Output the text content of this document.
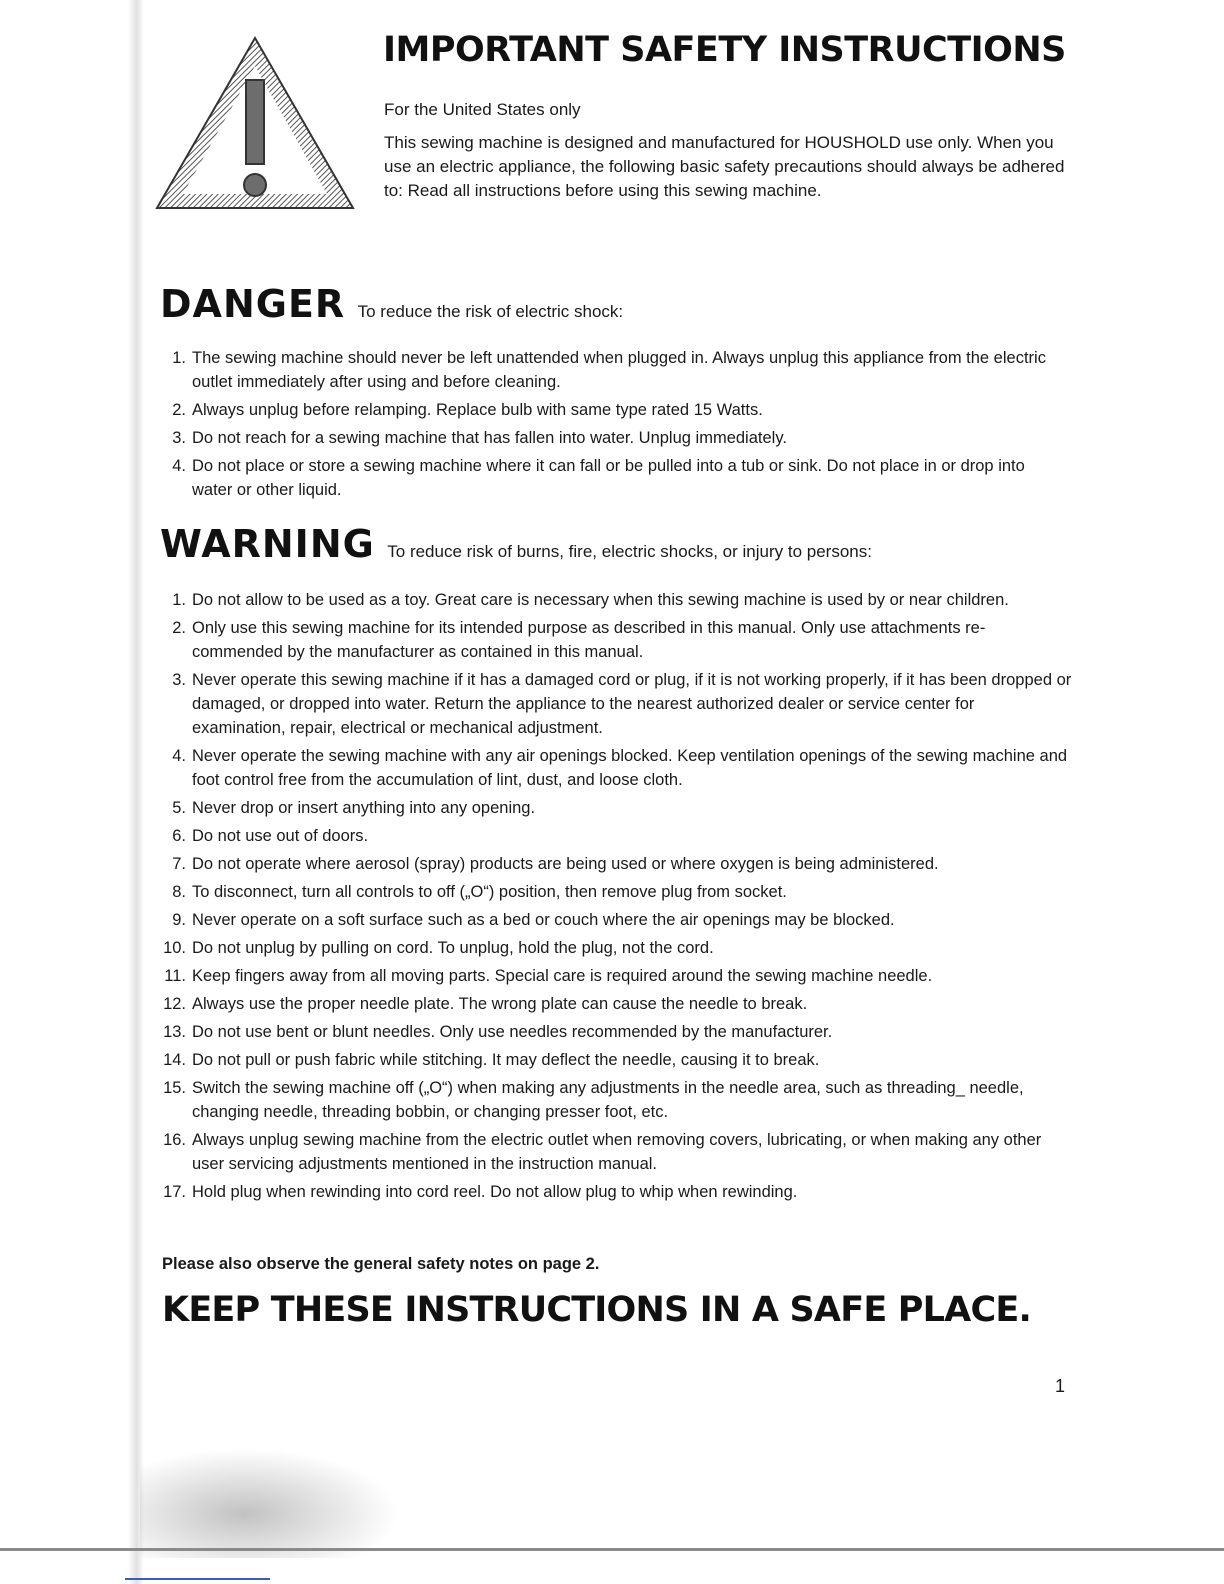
IMPORTANT SAFETY INSTRUCTIONS

For the United States only

This sewing machine is designed and manufactured for HOUSHOLD use only. When you use an electric appliance, the following basic safety precautions should always be adhered to: Read all instructions before using this sewing machine.

DANGER To reduce the risk of electric shock:
1. The sewing machine should never be left unattended when plugged in. Always unplug this appliance from the electric outlet immediately after using and before cleaning.
2. Always unplug before relamping. Replace bulb with same type rated 15 Watts.
3. Do not reach for a sewing machine that has fallen into water. Unplug immediately.
4. Do not place or store a sewing machine where it can fall or be pulled into a tub or sink. Do not place in or drop into water or other liquid.
WARNING To reduce risk of burns, fire, electric shocks, or injury to persons:
1. Do not allow to be used as a toy. Great care is necessary when this sewing machine is used by or near children.
2. Only use this sewing machine for its intended purpose as described in this manual. Only use attachments re-commended by the manufacturer as contained in this manual.
3. Never operate this sewing machine if it has a damaged cord or plug, if it is not working properly, if it has been dropped or damaged, or dropped into water. Return the appliance to the nearest authorized dealer or service center for examination, repair, electrical or mechanical adjustment.
4. Never operate the sewing machine with any air openings blocked. Keep ventilation openings of the sewing machine and foot control free from the accumulation of lint, dust, and loose cloth.
5. Never drop or insert anything into any opening.
6. Do not use out of doors.
7. Do not operate where aerosol (spray) products are being used or where oxygen is being administered.
8. To disconnect, turn all controls to off („O“) position, then remove plug from socket.
9. Never operate on a soft surface such as a bed or couch where the air openings may be blocked.
10. Do not unplug by pulling on cord. To unplug, hold the plug, not the cord.
11. Keep fingers away from all moving parts. Special care is required around the sewing machine needle.
12. Always use the proper needle plate. The wrong plate can cause the needle to break.
13. Do not use bent or blunt needles. Only use needles recommended by the manufacturer.
14. Do not pull or push fabric while stitching. It may deflect the needle, causing it to break.
15. Switch the sewing machine off („O“) when making any adjustments in the needle area, such as threading_ needle, changing needle, threading bobbin, or changing presser foot, etc.
16. Always unplug sewing machine from the electric outlet when removing covers, lubricating, or when making any other user servicing adjustments mentioned in the instruction manual.
17. Hold plug when rewinding into cord reel. Do not allow plug to whip when rewinding.

Please also observe the general safety notes on page 2.

KEEP THESE INSTRUCTIONS IN A SAFE PLACE.
1
